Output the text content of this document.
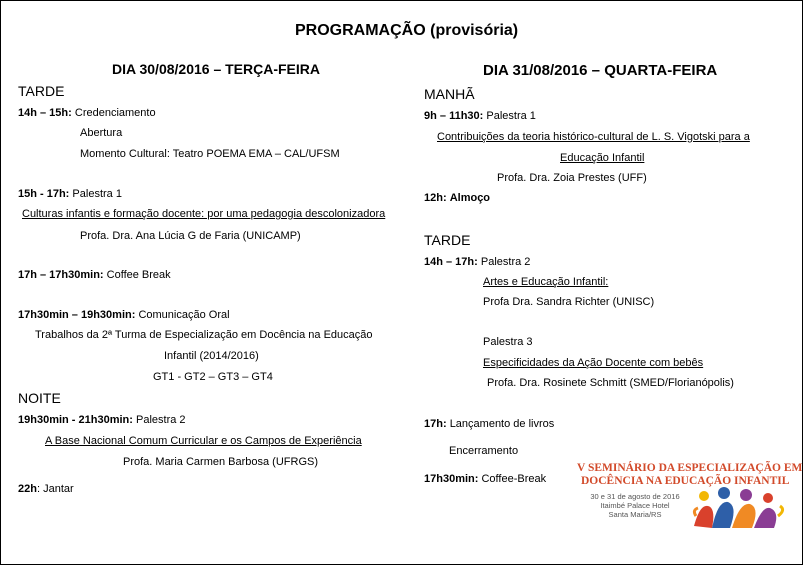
PROGRAMAÇÃO (provisória)
DIA 30/08/2016 – TERÇA-FEIRA
TARDE
14h – 15h: Credenciamento
Abertura
Momento Cultural: Teatro POEMA EMA – CAL/UFSM
15h - 17h: Palestra 1
Culturas infantis e formação docente: por uma pedagogia descolonizadora
Profa. Dra. Ana Lúcia G de Faria (UNICAMP)
17h – 17h30min: Coffee Break
17h30min – 19h30min: Comunicação Oral
Trabalhos da 2ª Turma de Especialização em Docência na Educação
Infantil (2014/2016)
GT1 - GT2 – GT3 – GT4
NOITE
19h30min - 21h30min: Palestra 2
A Base Nacional Comum Curricular e os Campos de Experiência
Profa. Maria Carmen Barbosa (UFRGS)
22h: Jantar
DIA 31/08/2016 – QUARTA-FEIRA
MANHÃ
9h – 11h30: Palestra 1
Contribuições da teoria histórico-cultural de L. S. Vigotski para a
Educação Infantil
Profa. Dra. Zoia Prestes (UFF)
12h: Almoço
TARDE
14h – 17h: Palestra 2
Artes e Educação Infantil:
Profa Dra. Sandra Richter (UNISC)
Palestra 3
Especificidades da Ação Docente com bebês
Profa. Dra. Rosinete Schmitt (SMED/Florianópolis)
17h: Lançamento de livros
Encerramento
17h30min: Coffee-Break
V SEMINÁRIO DA ESPECIALIZAÇÃO EM
DOCÊNCIA NA EDUCAÇÃO INFANTIL
30 e 31 de agosto de 2016
Itaimbé Palace Hotel
Santa Maria/RS
